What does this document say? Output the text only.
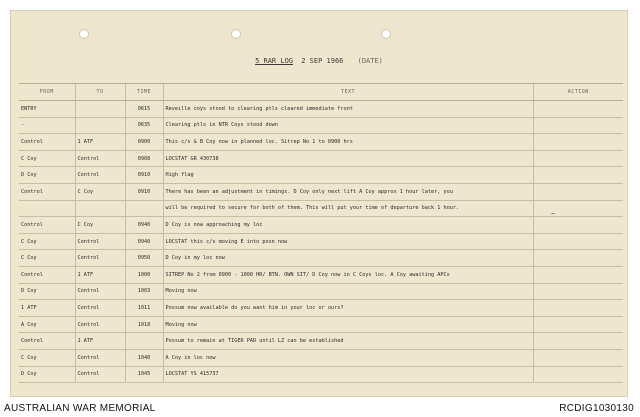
5 RAR LOG 2 SEP 1966 (DATE)
FROM	TO	TIME	TEXT	ACTION
ENTRY		0615	Reveille coys stood to clearing ptls cleared immediate front	
-		0635	Clearing ptls in NTR Coys stood down	
Control	1 ATF	0900	This c/s & B Coy now in planned loc. Sitrep No 1 to 0900 hrs	
C Coy	Control	0908	LOCSTAT GR 430738	
D Coy	Control	0910	High flag	
Control	C Coy	0910	There has been an adjustment in timings. D Coy only next lift A Coy approx 1 hour later, you	
			will be required to secure for both of them. This will put your time of departure back 1 hour.	
Control	C Coy	0940	D Coy is now approaching my loc	
C Coy	Control	0940	LOCSTAT this c/s moving E into posn now	
C Coy	Control	0950	D Coy in my loc now	
Control	1 ATF	1000	SITREP No 2 from 0900 - 1000 HR/ BTN. OWN SIT/ D Coy now in C Coys loc. A Coy awaiting APCs	
D Coy	Control	1003	Moving now	
1 ATF	Control	1011	Possum now available do you want him in your loc or ours?	
A Coy	Control	1018	Moving now	
Control	1 ATF		Possum to remain at TIGER PAD until LZ can be established	
C Coy	Control	1040	A Coy in loc now	
D Coy	Control	1045	LOCSTAT YS 415737	
~
AUSTRALIAN WAR MEMORIAL	RCDIG1030130
